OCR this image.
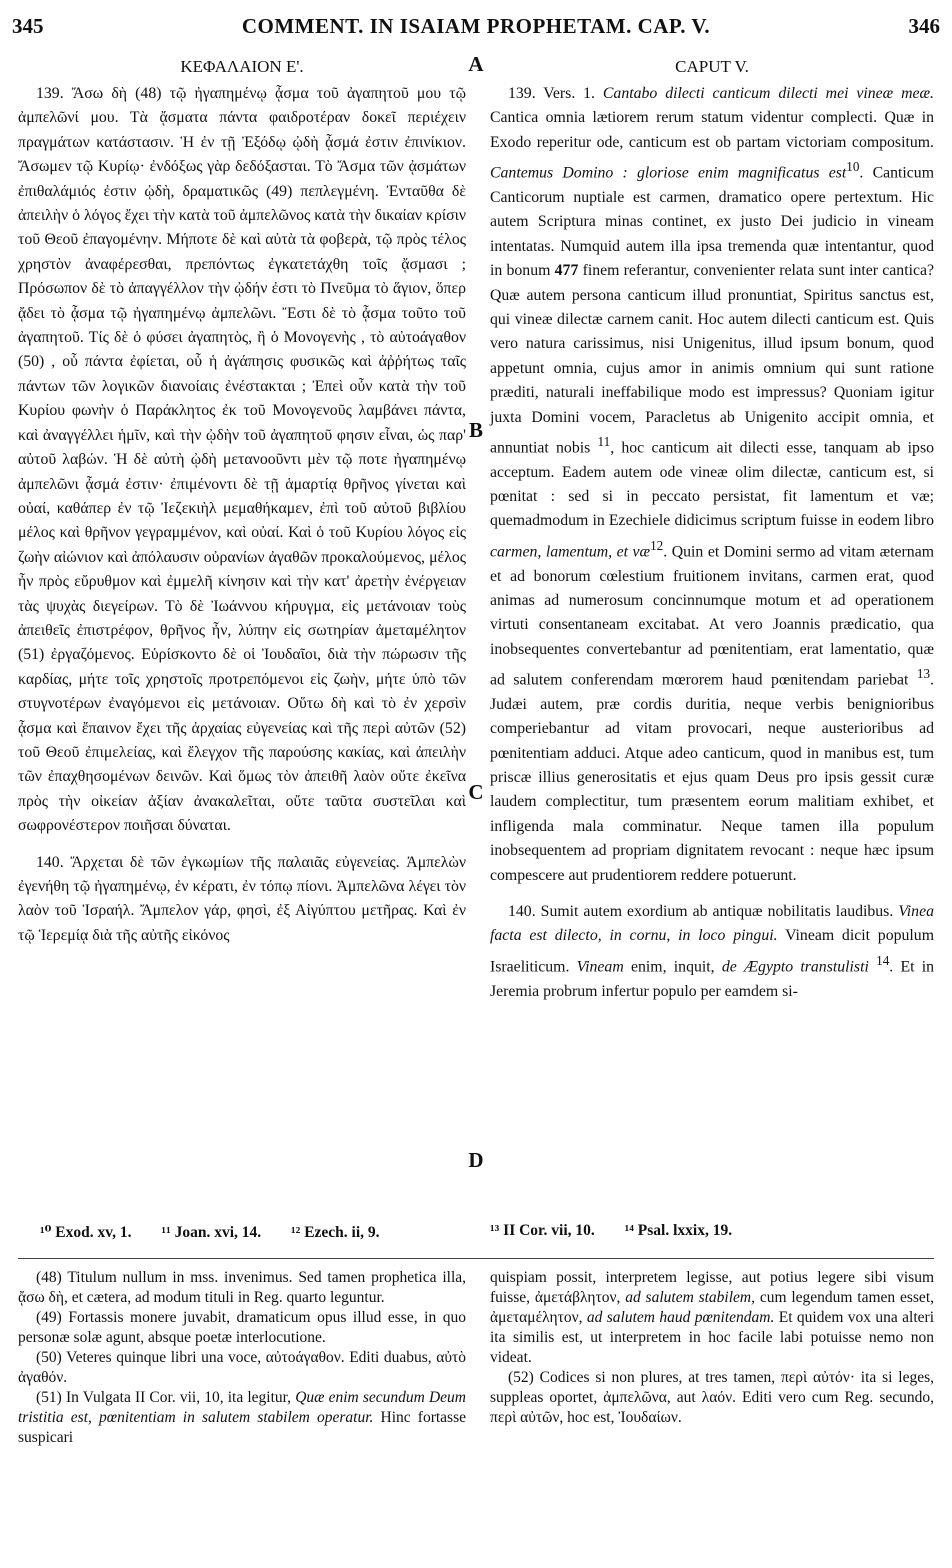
345	COMMENT. IN ISAIAM PROPHETAM. CAP. V.	346
ΚΕΦΑΛΑΙΟΝ Ε'.

139. Ἄσω δὴ (48) τῷ ἠγαπημένῳ ᾆσμα τοῦ ἀγαπητοῦ μου τῷ ἀμπελῶνί μου. Τὰ ᾄσματα πάντα φαιδροτέραν δοκεῖ περιέχειν πραγμάτων κατάστασιν. Ἡ ἐν τῇ Ἐξόδῳ ᾠδὴ ᾆσμά ἐστιν ἐπινίκιον. Ἄσωμεν τῷ Κυρίῳ· ἐνδόξως γὰρ δεδόξασται. Τὸ Ἄσμα τῶν ᾀσμάτων ἐπιθαλάμιός ἐστιν ᾠδὴ, δραματικῶς (49) πεπλεγμένη. Ἐνταῦθα δὲ ἀπειλὴν ὁ λόγος ἔχει τὴν κατὰ τοῦ ἀμπελῶνος κατὰ τὴν δικαίαν κρίσιν τοῦ Θεοῦ ἐπαγομένην. Μήποτε δὲ καὶ αὐτὰ τὰ φοβερὰ, τῷ πρὸς τέλος χρηστὸν ἀναφέρεσθαι, πρεπόντως ἐγκατετάχθη τοῖς ᾄσμασι ; Πρόσωπον δὲ τὸ ἀπαγγέλλον τὴν ᾠδήν ἐστι τὸ Πνεῦμα τὸ ἅγιον, ὅπερ ᾄδει τὸ ᾆσμα τῷ ἠγαπημένῳ ἀμπελῶνι. Ἔστι δὲ τὸ ᾆσμα τοῦτο τοῦ ἀγαπητοῦ. Τίς δὲ ὁ φύσει ἀγαπητὸς, ἢ ὁ Μονογενὴς , τὸ αὐτοάγαθον (50) , οὗ πάντα ἐφίεται, οὗ ἡ ἀγάπησις φυσικῶς καὶ ἀῤῥήτως ταῖς πάντων τῶν λογικῶν διανοίαις ἐνέστακται ; Ἐπεὶ οὖν κατὰ τὴν τοῦ Κυρίου φωνὴν ὁ Παράκλητος ἐκ τοῦ Μονογενοῦς λαμβάνει πάντα, καὶ ἀναγγέλλει ἡμῖν, καὶ τὴν ᾠδὴν τοῦ ἀγαπητοῦ φησιν εἶναι, ὡς παρ' αὐτοῦ λαβών. Ἡ δὲ αὐτὴ ᾠδὴ μετανοοῦντι μὲν τῷ ποτε ἠγαπημένῳ ἀμπελῶνι ᾆσμά ἐστιν· ἐπιμένοντι δὲ τῇ ἁμαρτίᾳ θρῆνος γίνεται καὶ οὐαί, καθάπερ ἐν τῷ Ἰεζεκιὴλ μεμαθήκαμεν, ἐπὶ τοῦ αὐτοῦ βιβλίου μέλος καὶ θρῆνον γεγραμμένον, καὶ οὐαί. Καὶ ὁ τοῦ Κυρίου λόγος εἰς ζωὴν αἰώνιον καὶ ἀπόλαυσιν οὐρανίων ἀγαθῶν προκαλούμενος, μέλος ἦν πρὸς εὔρυθμον καὶ ἐμμελῆ κίνησιν καὶ τὴν κατ' ἀρετὴν ἐνέργειαν τὰς ψυχὰς διεγείρων. Τὸ δὲ Ἰωάννου κήρυγμα, εἰς μετάνοιαν τοὺς ἀπειθεῖς ἐπιστρέφον, θρῆνος ἦν, λύπην εἰς σωτηρίαν ἀμεταμέλητον (51) ἐργαζόμενος. Εὑρίσκοντο δὲ οἱ Ἰουδαῖοι, διὰ τὴν πώρωσιν τῆς καρδίας, μήτε τοῖς χρηστοῖς προτρεπόμενοι εἰς ζωὴν, μήτε ὑπὸ τῶν στυγνοτέρων ἐναγόμενοι εἰς μετάνοιαν. Οὕτω δὴ καὶ τὸ ἐν χερσὶν ᾆσμα καὶ ἔπαινον ἔχει τῆς ἀρχαίας εὐγενείας καὶ τῆς περὶ αὐτῶν (52) τοῦ Θεοῦ ἐπιμελείας, καὶ ἔλεγχον τῆς παρούσης κακίας, καὶ ἀπειλὴν τῶν ἐπαχθησομένων δεινῶν. Καὶ ὅμως τὸν ἀπειθῆ λαὸν οὔτε ἐκεῖνα πρὸς τὴν οἰκείαν ἀξίαν ἀνακαλεῖται, οὔτε ταῦτα συστεῖλαι καὶ σωφρονέστερον ποιῆσαι δύναται.

140. Ἄρχεται δὲ τῶν ἐγκωμίων τῆς παλαιᾶς εὐγενείας. Ἀμπελὼν ἐγενήθη τῷ ἠγαπημένῳ, ἐν κέρατι, ἐν τόπῳ πίονι. Ἀμπελῶνα λέγει τὸν λαὸν τοῦ Ἰσραήλ. Ἄμπελον γάρ, φησὶ, ἐξ Αἰγύπτου μετῆρας. Καὶ ἐν τῷ Ἱερεμίᾳ διὰ τῆς αὐτῆς εἰκόνος

A
B
C
D
CAPUT V.

139. Vers. 1. Cantabo dilecti canticum dilecti mei vineæ meæ. Cantica omnia lætiorem rerum statum videntur complecti. Quæ in Exodo reperitur ode, canticum est ob partam victoriam compositum. Cantemus Domino : gloriose enim magnificatus est$^{10}$. Canticum Canticorum nuptiale est carmen, dramatico opere pertextum. Hic autem Scriptura minas continet, ex justo Dei judicio in vineam intentatas. Numquid autem illa ipsa tremenda quæ intentantur, quod in bonum 477 finem referantur, convenienter relata sunt inter cantica? Quæ autem persona canticum illud pronuntiat, Spiritus sanctus est, qui vineæ dilectæ carnem canit. Hoc autem dilecti canticum est. Quis vero natura carissimus, nisi Unigenitus, illud ipsum bonum, quod appetunt omnia, cujus amor in animis omnium qui sunt ratione præditi, naturali ineffabilique modo est impressus? Quoniam igitur juxta Domini vocem, Paracletus ab Unigenito accipit omnia, et annuntiat nobis $^{11}$, hoc canticum ait dilecti esse, tanquam ab ipso acceptum. Eadem autem ode vineæ olim dilectæ, canticum est, si pœnitat : sed si in peccato persistat, fit lamentum et væ; quemadmodum in Ezechiele didicimus scriptum fuisse in eodem libro carmen, lamentum, et $væ^{12}$. Quin et Domini sermo ad vitam æternam et ad bonorum cœlestium fruitionem invitans, carmen erat, quod animas ad numerosum concinnumque motum et ad operationem virtuti consentaneam excitabat. At vero Joannis prædicatio, qua inobsequentes convertebantur ad pœnitentiam, erat lamentatio, quæ ad salutem conferendam mœrorem haud pœnitendam pariebat $^{13}$. Judæi autem, præ cordis duritia, neque verbis benignioribus comperiebantur ad vitam provocari, neque austerioribus ad pœnitentiam adduci. Atque adeo canticum, quod in manibus est, tum priscæ illius generositatis et ejus quam Deus pro ipsis gessit curæ laudem complectitur, tum præsentem eorum malitiam exhibet, et infligenda mala comminatur. Neque tamen illa populum inobsequentem ad propriam dignitatem revocant : neque hæc ipsum compescere aut prudentiorem reddere potuerunt.

140. Sumit autem exordium ab antiquæ nobilitatis laudibus. Vinea facta est dilecto, in cornu, in loco pingui. Vineam dicit populum Israeliticum. Vineam enim, inquit, de Ægypto transtulisti $^{14}$. Et in Jeremia probrum infertur populo per eamdem si-

¹⁰ Exod. xv, 1. ¹¹ Joan. xvi, 14. ¹² Ezech. ii, 9.	¹³ II Cor. vii, 10. ¹⁴ Psal. lxxix, 19.

(48) Titulum nullum in mss. invenimus. Sed tamen prophetica illa, ᾄσω δὴ, et cætera, ad modum tituli in Reg. quarto leguntur.

(49) Fortassis monere juvabit, dramaticum opus illud esse, in quo personæ solæ agunt, absque poetæ interlocutione.

(50) Veteres quinque libri una voce, αὐτοάγαθον. Editi duabus, αὐτὸ ἀγαθόν.

(51) In Vulgata II Cor. vii, 10, ita legitur, Quæ enim secundum Deum tristitia est, pœnitentiam in salutem stabilem operatur. Hinc fortasse suspicari

quispiam possit, interpretem legisse, aut potius legere sibi visum fuisse, ἀμετάβλητον, ad salutem stabilem, cum legendum tamen esset, ἀμεταμέλητον, ad salutem haud pœnitendam. Et quidem vox una alteri ita similis est, ut interpretem in hoc facile labi potuisse nemo non videat.

(52) Codices si non plures, at tres tamen, περὶ αὐτόν· ita si leges, suppleas oportet, ἀμπελῶνα, aut λαόν. Editi vero cum Reg. secundo, περὶ αὐτῶν, hoc est, Ἰουδαίων.
